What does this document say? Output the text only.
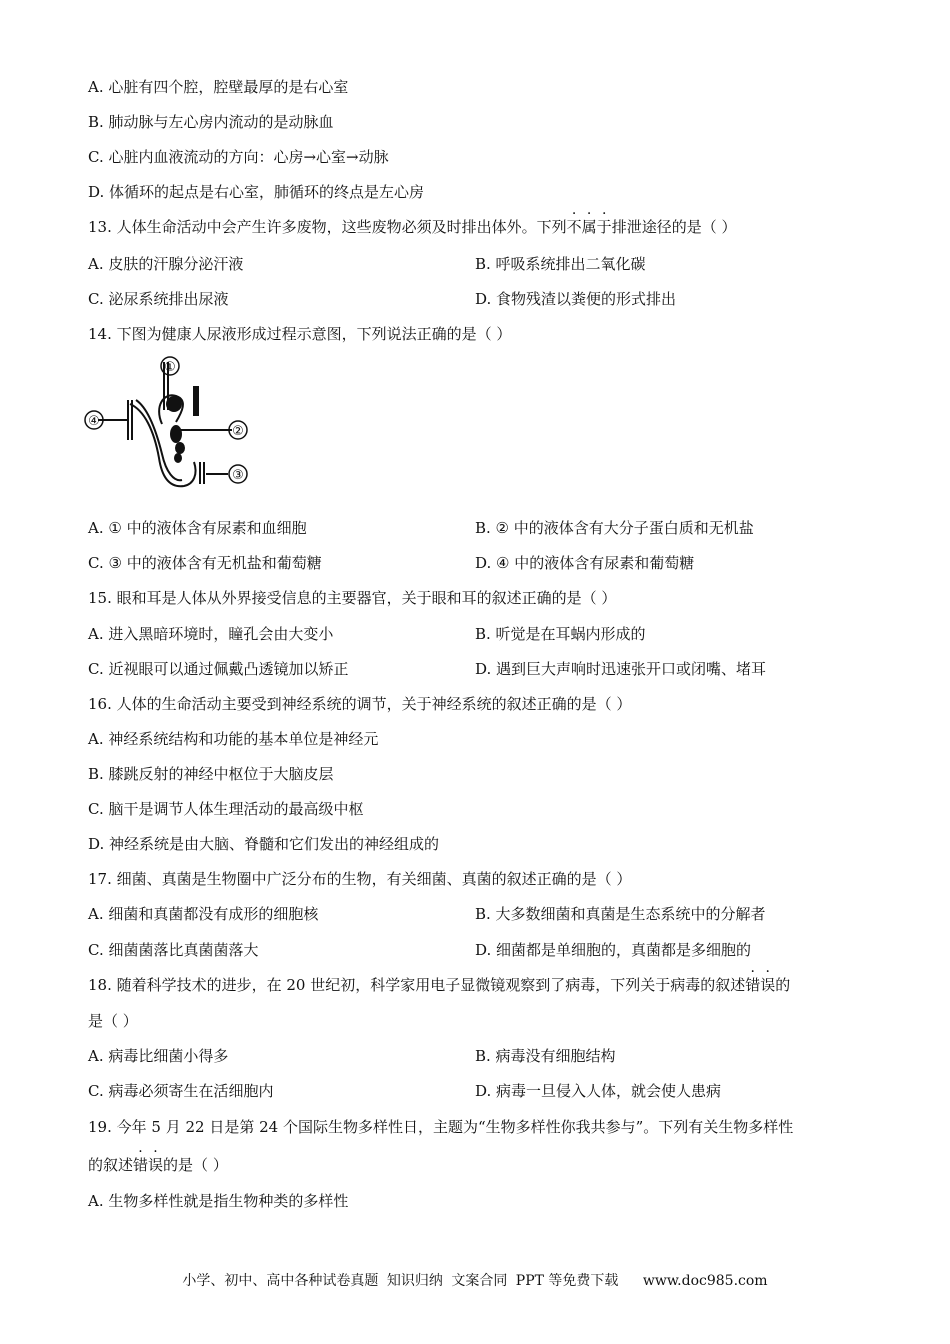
A. 心脏有四个腔，腔壁最厚的是右心室
B. 肺动脉与左心房内流动的是动脉血
C. 心脏内血液流动的方向：心房→心室→动脉
D. 体循环的起点是右心室，肺循环的终点是左心房
13. 人体生命活动中会产生许多废物，这些废物必须及时排出体外。下列不属于排泄途径的是（ ）
A. 皮肤的汗腺分泌汗液	B. 呼吸系统排出二氧化碳
C. 泌尿系统排出尿液	D. 食物残渣以粪便的形式排出
14. 下图为健康人尿液形成过程示意图，下列说法正确的是（ ）
①
②
③
④
A. ① 中的液体含有尿素和血细胞	B. ② 中的液体含有大分子蛋白质和无机盐
C. ③ 中的液体含有无机盐和葡萄糖	D. ④ 中的液体含有尿素和葡萄糖
15. 眼和耳是人体从外界接受信息的主要器官，关于眼和耳的叙述正确的是（ ）
A. 进入黑暗环境时，瞳孔会由大变小	B. 听觉是在耳蜗内形成的
C. 近视眼可以通过佩戴凸透镜加以矫正	D. 遇到巨大声响时迅速张开口或闭嘴、堵耳
16. 人体的生命活动主要受到神经系统的调节，关于神经系统的叙述正确的是（ ）
A. 神经系统结构和功能的基本单位是神经元
B. 膝跳反射的神经中枢位于大脑皮层
C. 脑干是调节人体生理活动的最高级中枢
D. 神经系统是由大脑、脊髓和它们发出的神经组成的
17. 细菌、真菌是生物圈中广泛分布的生物，有关细菌、真菌的叙述正确的是（ ）
A. 细菌和真菌都没有成形的细胞核	B. 大多数细菌和真菌是生态系统中的分解者
C. 细菌菌落比真菌菌落大	D. 细菌都是单细胞的，真菌都是多细胞的
18. 随着科学技术的进步，在 20 世纪初，科学家用电子显微镜观察到了病毒，下列关于病毒的叙述错误的
是（ ）
A. 病毒比细菌小得多	B. 病毒没有细胞结构
C. 病毒必须寄生在活细胞内	D. 病毒一旦侵入人体，就会使人患病
19. 今年 5 月 22 日是第 24 个国际生物多样性日，主题为“生物多样性你我共参与”。下列有关生物多样性
的叙述错误的是（ ）
A. 生物多样性就是指生物种类的多样性
小学、初中、高中各种试卷真题 知识归纳 文案合同 PPT 等免费下载 www.doc985.com
